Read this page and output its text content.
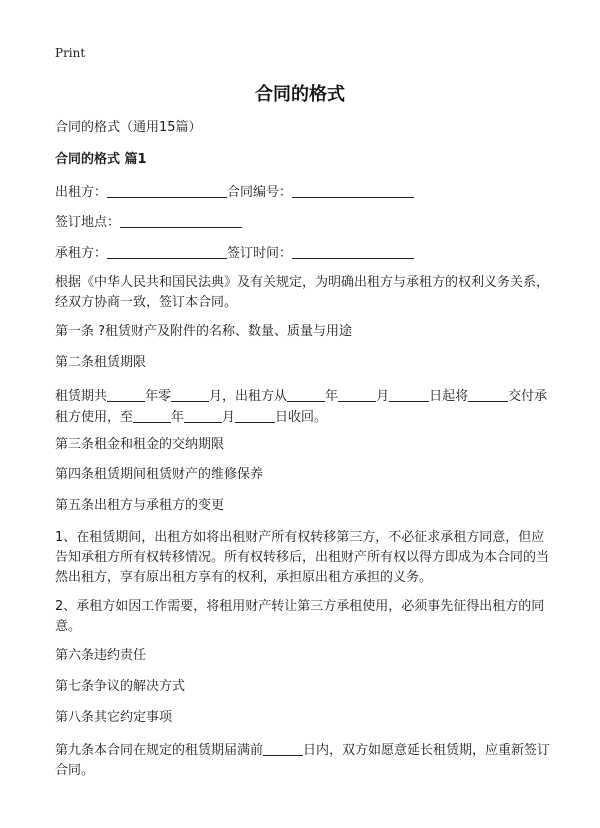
Print
合同的格式
合同的格式（通用15篇）
合同的格式 篇1
出租方：	合同编号：
签订地点：
承租方：	签订时间：
根据《中华人民共和国民法典》及有关规定，为明确出租方与承租方的权利义务关系，经双方协商一致，签订本合同。
第一条 ?租赁财产及附件的名称、数量、质量与用途
第二条租赁期限
租赁期共	年零	月，出租方从	年	月	日起将	交付承租方使用，至	年	月	日收回。
第三条租金和租金的交纳期限
第四条租赁期间租赁财产的维修保养
第五条出租方与承租方的变更
1、在租赁期间，出租方如将出租财产所有权转移第三方，不必征求承租方同意，但应告知承租方所有权转移情况。所有权转移后，出租财产所有权以得方即成为本合同的当然出租方，享有原出租方享有的权利，承担原出租方承担的义务。
2、承租方如因工作需要，将租用财产转让第三方承租使用，必须事先征得出租方的同意。
第六条违约责任
第七条争议的解决方式
第八条其它约定事项
第九条本合同在规定的租赁期届满前	日内，双方如愿意延长租赁期，应重新签订合同。
